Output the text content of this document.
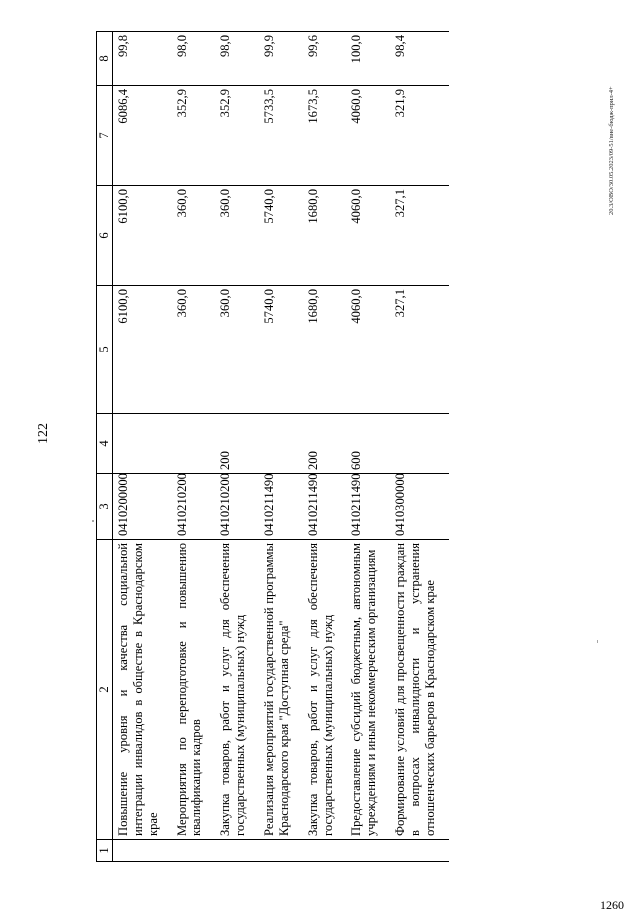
122
20.3/ОВО/30.05.2023/09-51/вне-бюдж-прил-4+
1260
1	2	3	4	5	6	7	8
	Повышение уровня и качества социальной интеграции инвалидов в обществе в Краснодарском крае	0410200000		6100,0	6100,0	6086,4	99,8
	Мероприятия по переподготовке и повышению квалификации кадров	0410210200		360,0	360,0	352,9	98,0
	Закупка товаров, работ и услуг для обеспечения государственных (муниципальных) нужд	0410210200	200	360,0	360,0	352,9	98,0
	Реализация мероприятий государственной программы Краснодарского края "Доступная среда"	0410211490		5740,0	5740,0	5733,5	99,9
	Закупка товаров, работ и услуг для обеспечения государственных (муниципальных) нужд	0410211490	200	1680,0	1680,0	1673,5	99,6
	Предоставление субсидий бюджетным, автономным учреждениям и иным некоммерческим организациям	0410211490	600	4060,0	4060,0	4060,0	100,0
	Формирование условий для просвещенности граждан в вопросах инвалидности и устранения отношенческих барьеров в Краснодарском крае	0410300000		327,1	327,1	321,9	98,4
